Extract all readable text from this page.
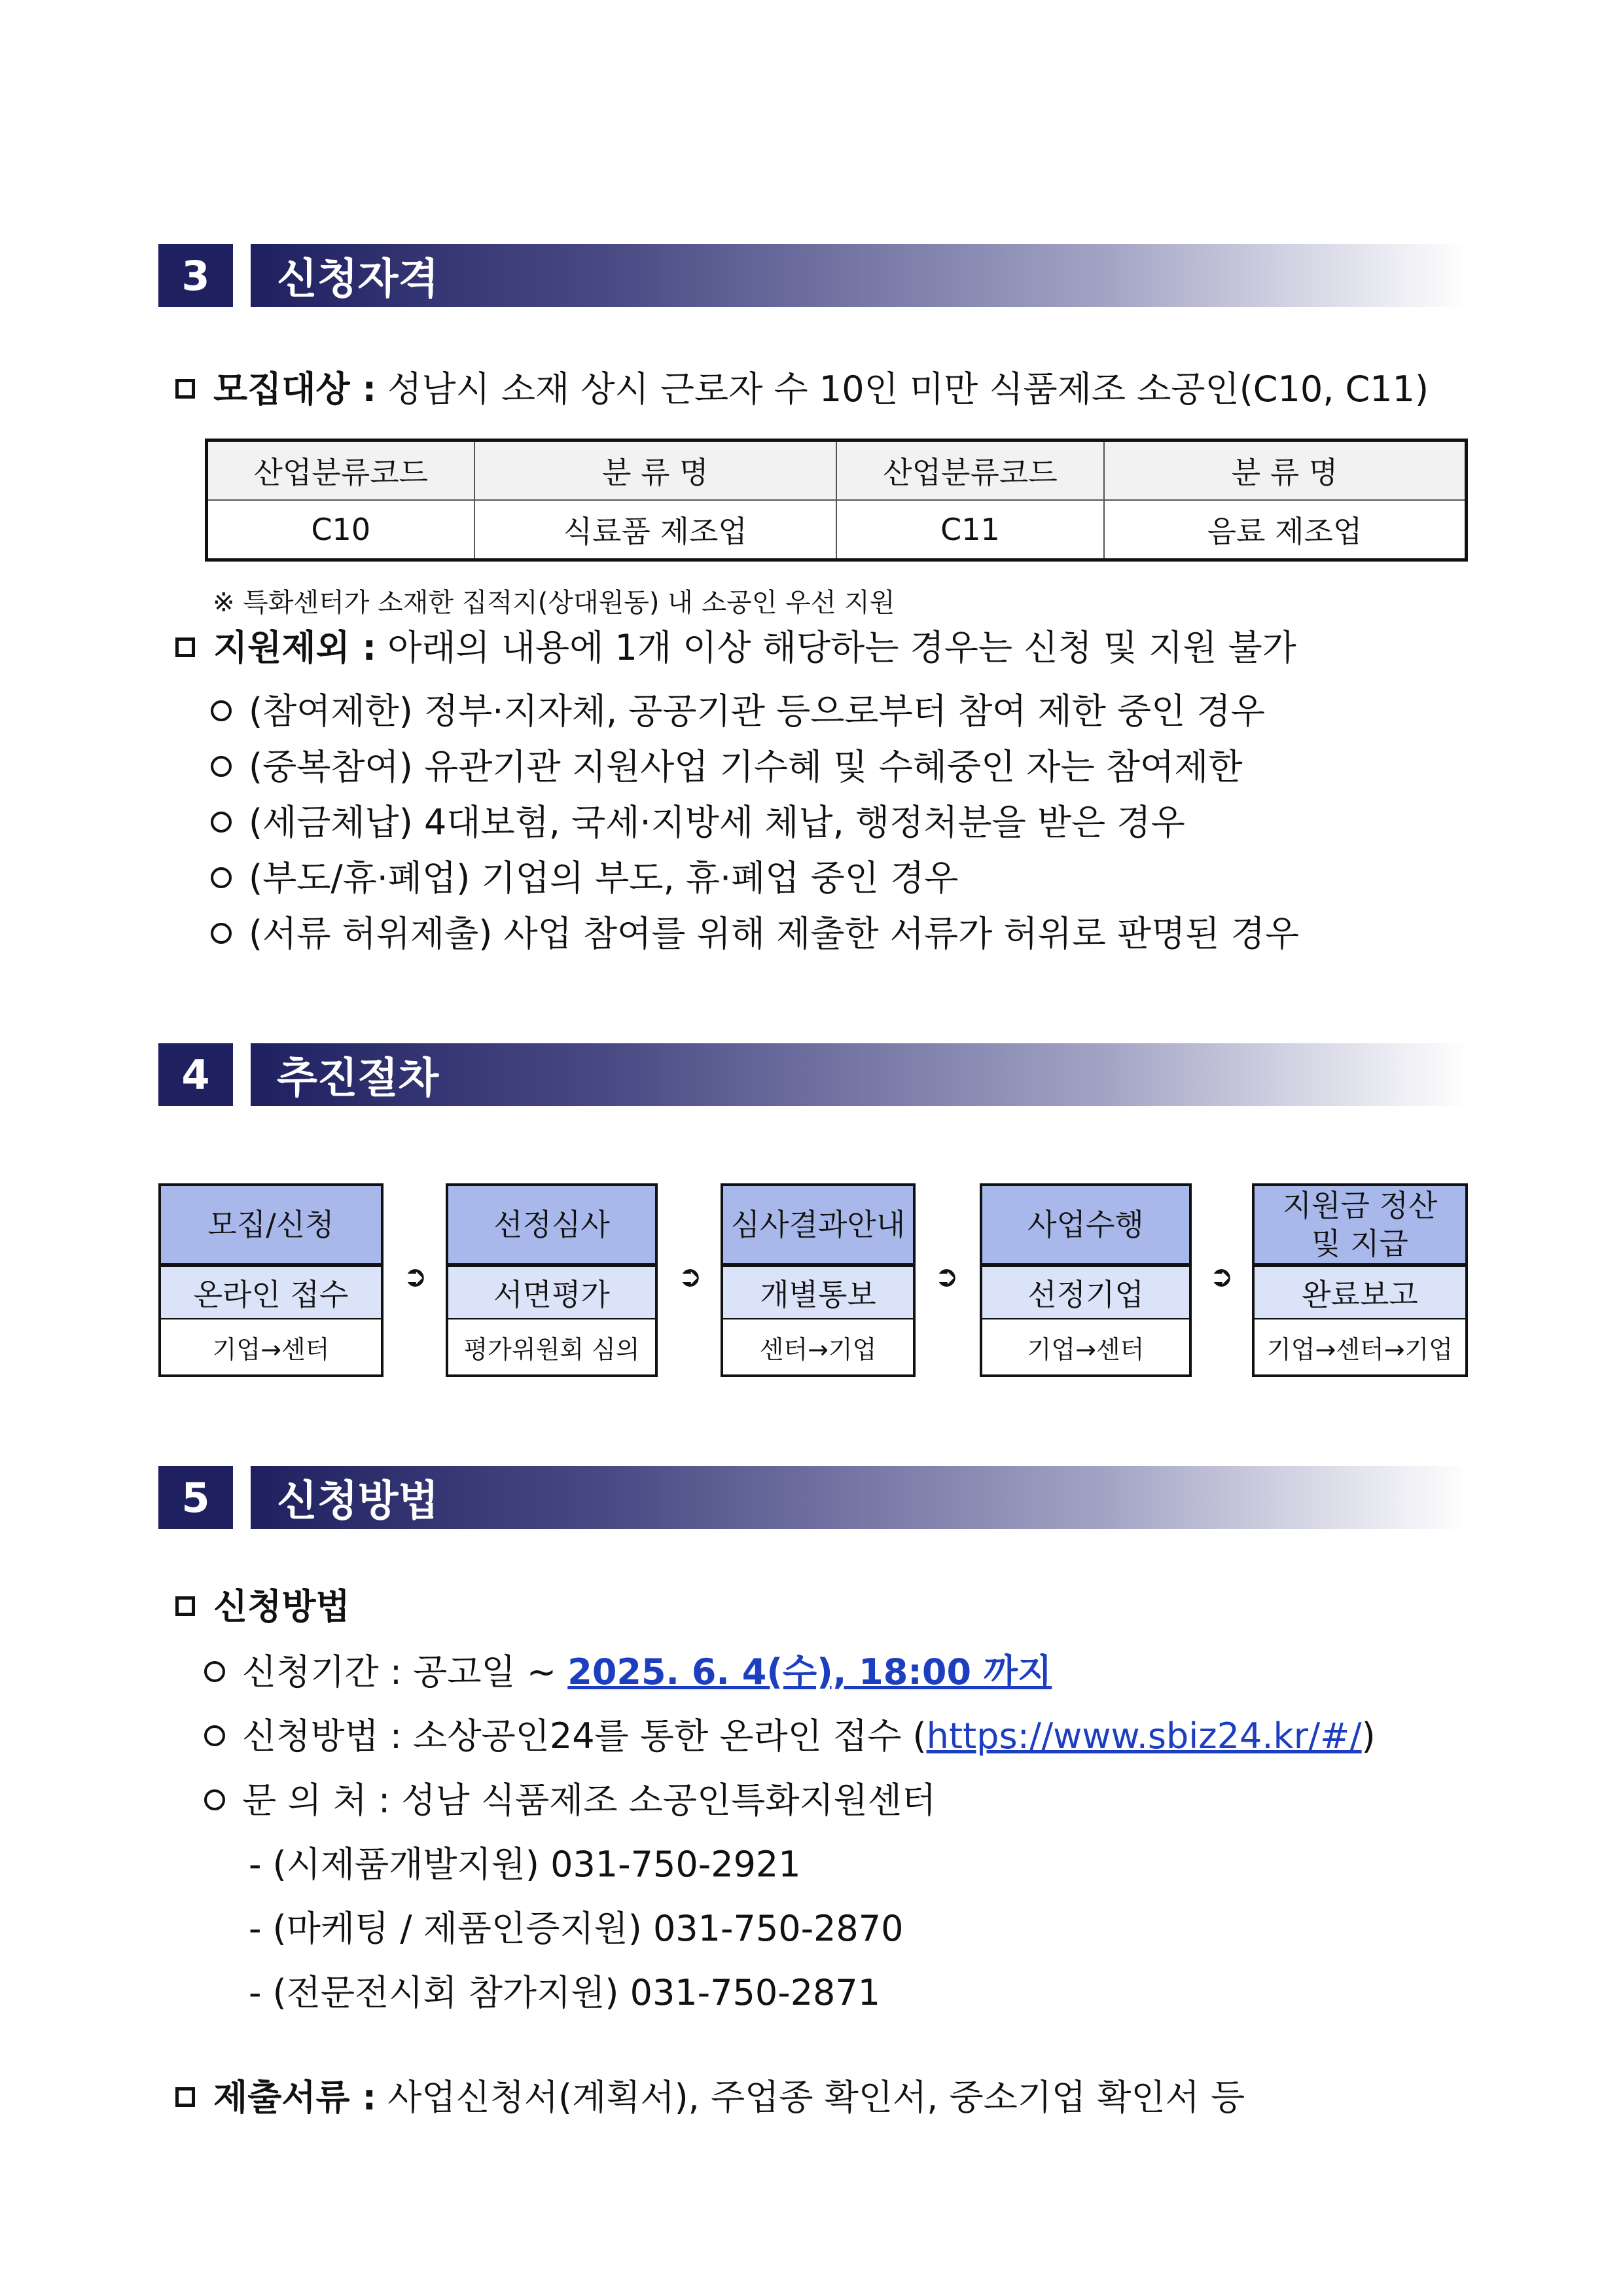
3	신청자격
모집대상 : 성남시 소재 상시 근로자 수 10인 미만 식품제조 소공인(C10, C11)
산업분류코드	분 류 명	산업분류코드	분 류 명
C10	식료품 제조업	C11	음료 제조업
※ 특화센터가 소재한 집적지(상대원동) 내 소공인 우선 지원
지원제외 : 아래의 내용에 1개 이상 해당하는 경우는 신청 및 지원 불가
(참여제한) 정부·지자체, 공공기관 등으로부터 참여 제한 중인 경우
(중복참여) 유관기관 지원사업 기수혜 및 수혜중인 자는 참여제한
(세금체납) 4대보험, 국세·지방세 체납, 행정처분을 받은 경우
(부도/휴·폐업) 기업의 부도, 휴·폐업 중인 경우
(서류 허위제출) 사업 참여를 위해 제출한 서류가 허위로 판명된 경우
4	추진절차
모집/신청
온라인 접수
기업→센터
➲
선정심사
서면평가
평가위원회 심의
➲
심사결과안내
개별통보
센터→기업
➲
사업수행
선정기업
기업→센터
➲
지원금 정산
및 지급
완료보고
기업→센터→기업
5	신청방법
신청방법
신청기간 : 공고일 ~ 2025. 6. 4(수), 18:00 까지
신청방법 : 소상공인24를 통한 온라인 접수 (https://www.sbiz24.kr/#/)
문 의 처 : 성남 식품제조 소공인특화지원센터
- (시제품개발지원) 031-750-2921
- (마케팅 / 제품인증지원) 031-750-2870
- (전문전시회 참가지원) 031-750-2871
제출서류 : 사업신청서(계획서), 주업종 확인서, 중소기업 확인서 등
